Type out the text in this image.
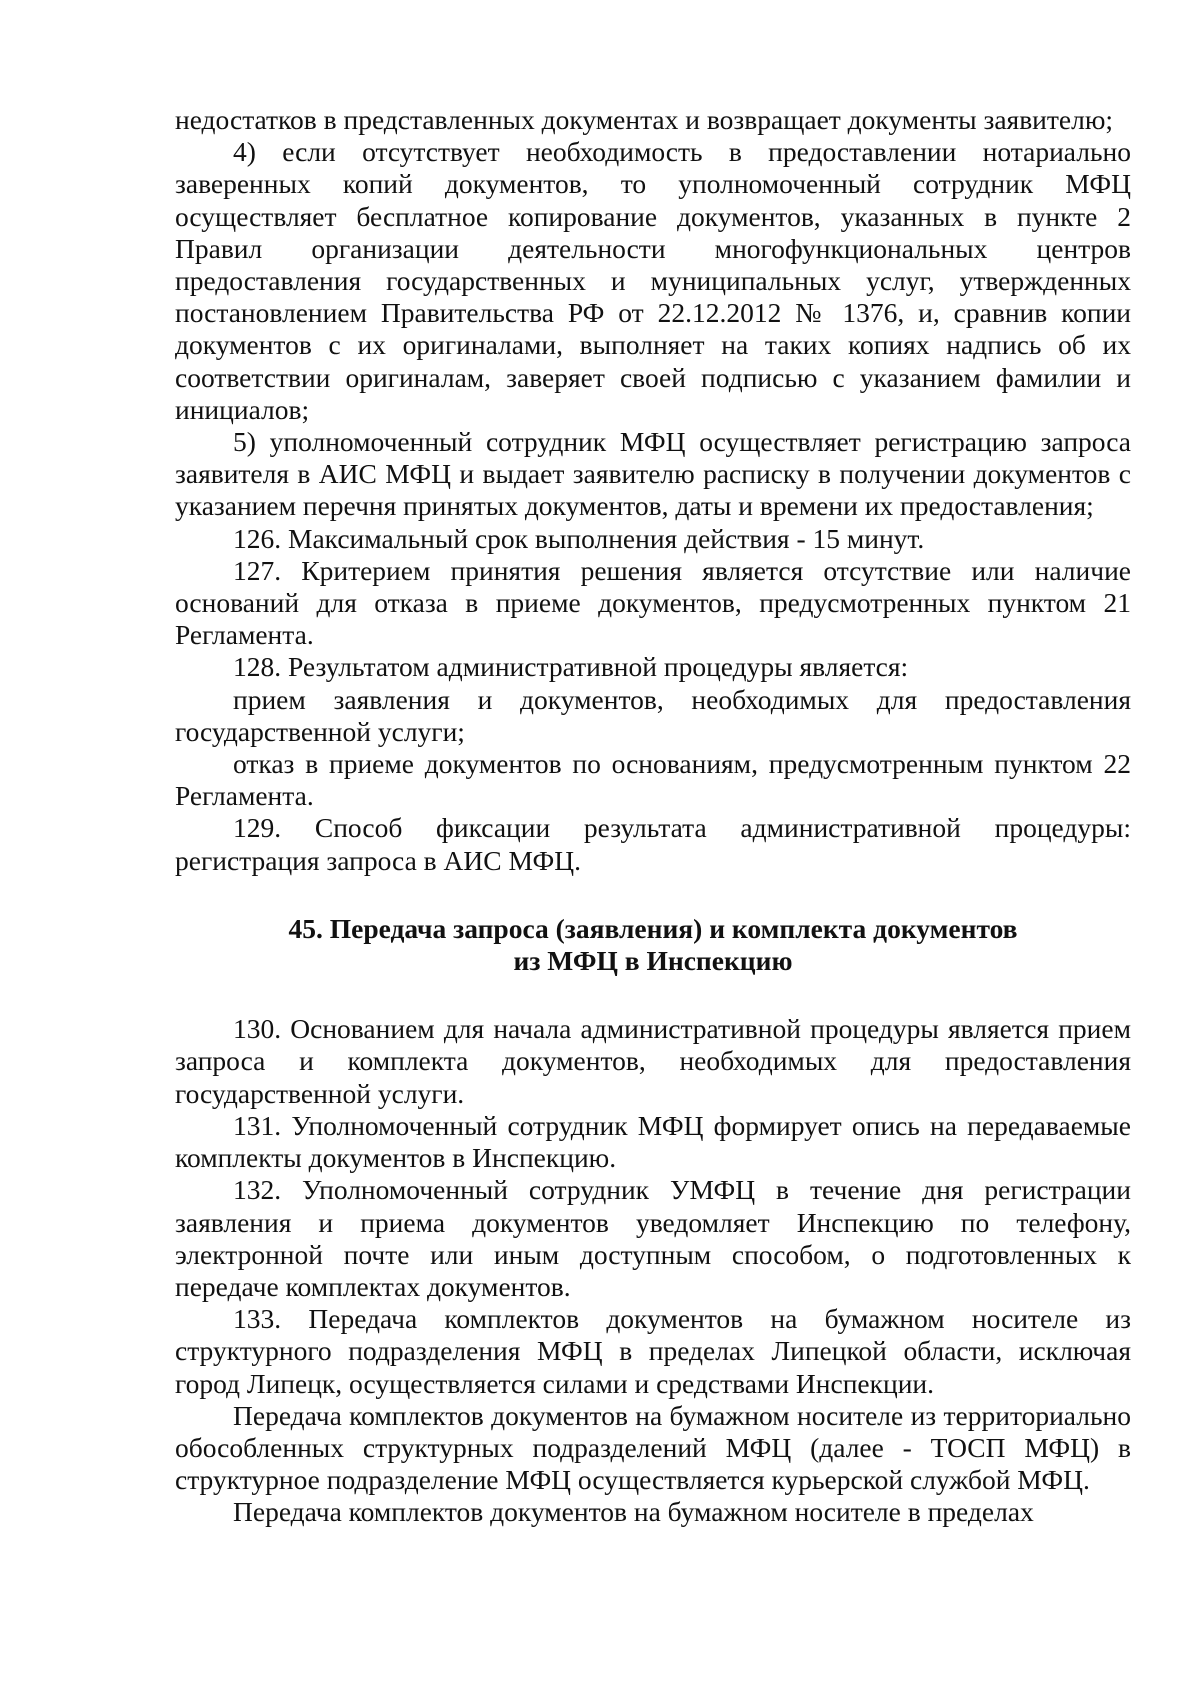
недостатков в представленных документах и возвращает документы заявителю;

4) если отсутствует необходимость в предоставлении нотариально заверенных копий документов, то уполномоченный сотрудник МФЦ осуществляет бесплатное копирование документов, указанных в пункте 2 Правил организации деятельности многофункциональных центров предоставления государственных и муниципальных услуг, утвержденных постановлением Правительства РФ от 22.12.2012 № 1376, и, сравнив копии документов с их оригиналами, выполняет на таких копиях надпись об их соответствии оригиналам, заверяет своей подписью с указанием фамилии и инициалов;

5) уполномоченный сотрудник МФЦ осуществляет регистрацию запроса заявителя в АИС МФЦ и выдает заявителю расписку в получении документов с указанием перечня принятых документов, даты и времени их предоставления;

126. Максимальный срок выполнения действия - 15 минут.

127. Критерием принятия решения является отсутствие или наличие оснований для отказа в приеме документов, предусмотренных пунктом 21 Регламента.

128. Результатом административной процедуры является:

прием заявления и документов, необходимых для предоставления государственной услуги;

отказ в приеме документов по основаниям, предусмотренным пунктом 22 Регламента.

129. Способ фиксации результата административной процедуры: регистрация запроса в АИС МФЦ.

45. Передача запроса (заявления) и комплекта документов
из МФЦ в Инспекцию

130. Основанием для начала административной процедуры является прием запроса и комплекта документов, необходимых для предоставления государственной услуги.

131. Уполномоченный сотрудник МФЦ формирует опись на передаваемые комплекты документов в Инспекцию.

132. Уполномоченный сотрудник УМФЦ в течение дня регистрации заявления и приема документов уведомляет Инспекцию по телефону, электронной почте или иным доступным способом, о подготовленных к передаче комплектах документов.

133. Передача комплектов документов на бумажном носителе из структурного подразделения МФЦ в пределах Липецкой области, исключая город Липецк, осуществляется силами и средствами Инспекции.

Передача комплектов документов на бумажном носителе из территориально обособленных структурных подразделений МФЦ (далее - ТОСП МФЦ) в структурное подразделение МФЦ осуществляется курьерской службой МФЦ.

Передача комплектов документов на бумажном носителе в пределах
